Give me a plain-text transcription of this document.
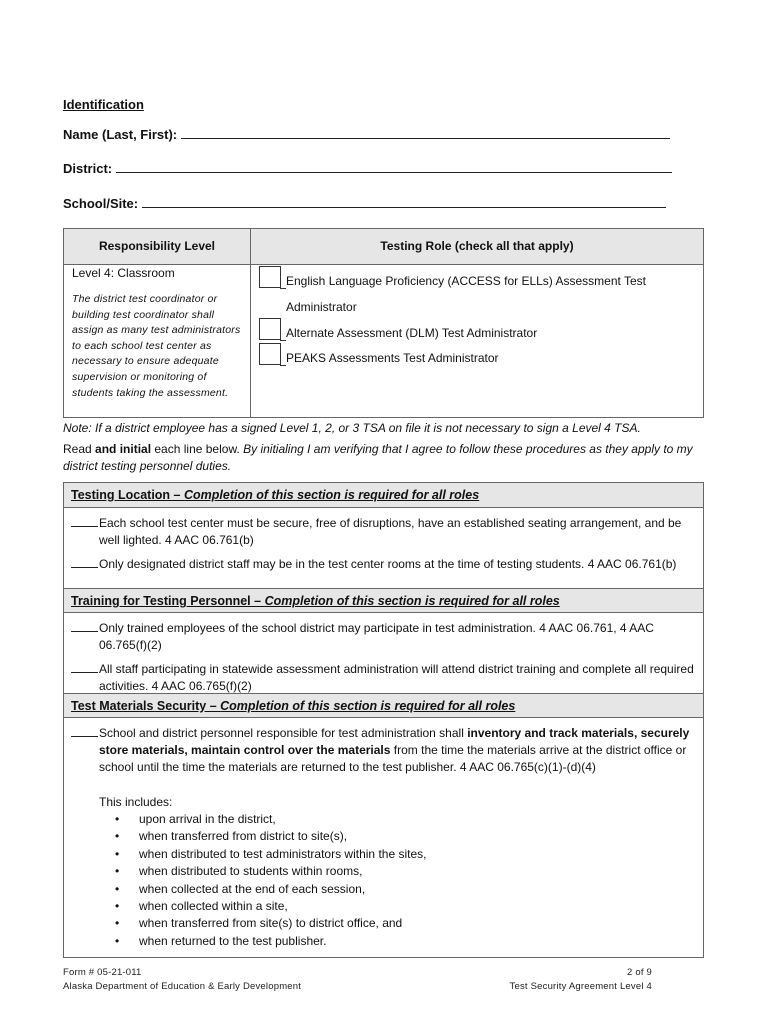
Identification
Name (Last, First):
District:
School/Site:
Responsibility Level	Testing Role (check all that apply)
Level 4: Classroom
The district test coordinator or building test coordinator shall assign as many test administrators to each school test center as necessary to ensure adequate supervision or monitoring of students taking the assessment.
English Language Proficiency (ACCESS for ELLs) Assessment Test
Administrator
Alternate Assessment (DLM) Test Administrator
PEAKS Assessments Test Administrator
Note: If a district employee has a signed Level 1, 2, or 3 TSA on file it is not necessary to sign a Level 4 TSA.
Read and initial each line below. By initialing I am verifying that I agree to follow these procedures as they apply to my district testing personnel duties.
Testing Location – Completion of this section is required for all roles
Each school test center must be secure, free of disruptions, have an established seating arrangement, and be well lighted. 4 AAC 06.761(b)
Only designated district staff may be in the test center rooms at the time of testing students. 4 AAC 06.761(b)
Training for Testing Personnel – Completion of this section is required for all roles
Only trained employees of the school district may participate in test administration. 4 AAC 06.761, 4 AAC 06.765(f)(2)
All staff participating in statewide assessment administration will attend district training and complete all required activities. 4 AAC 06.765(f)(2)
Test Materials Security – Completion of this section is required for all roles
School and district personnel responsible for test administration shall inventory and track materials, securely store materials, maintain control over the materials from the time the materials arrive at the district office or school until the time the materials are returned to the test publisher. 4 AAC 06.765(c)(1)-(d)(4)
This includes:
• upon arrival in the district,
• when transferred from district to site(s),
• when distributed to test administrators within the sites,
• when distributed to students within rooms,
• when collected at the end of each session,
• when collected within a site,
• when transferred from site(s) to district office, and
• when returned to the test publisher.
Form # 05-21-011
Alaska Department of Education & Early Development
2 of 9
Test Security Agreement Level 4
